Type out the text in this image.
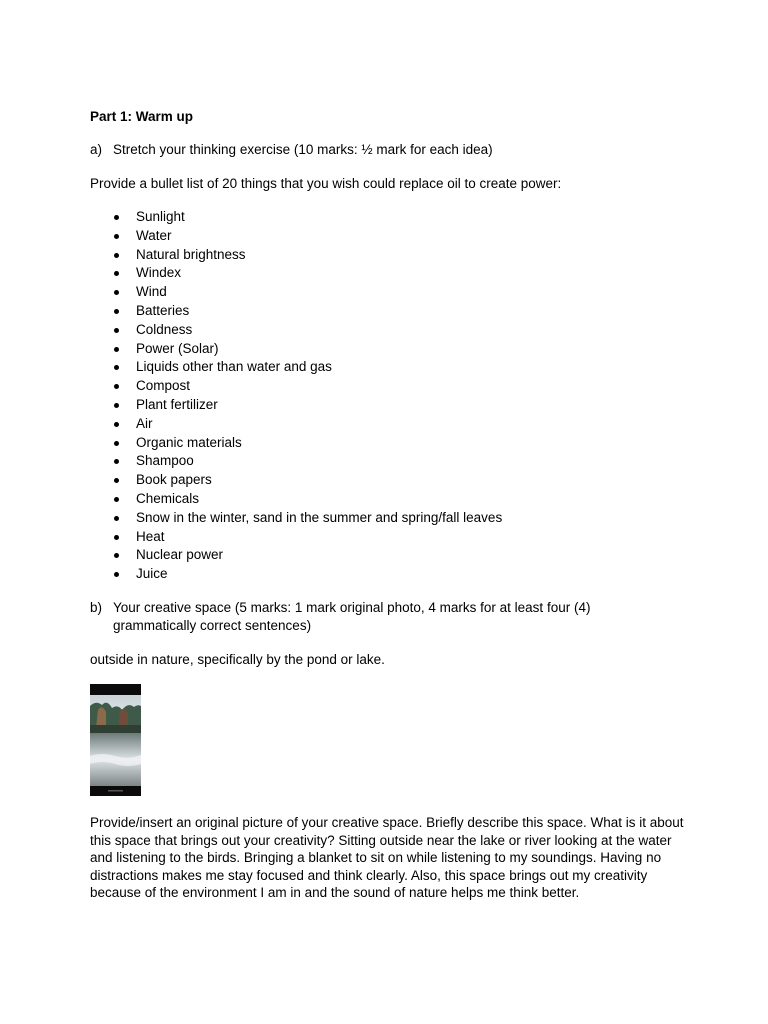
Part 1: Warm up
a) Stretch your thinking exercise (10 marks: ½ mark for each idea)
Provide a bullet list of 20 things that you wish could replace oil to create power:
Sunlight
Water
Natural brightness
Windex
Wind
Batteries
Coldness
Power (Solar)
Liquids other than water and gas
Compost
Plant fertilizer
Air
Organic materials
Shampoo
Book papers
Chemicals
Snow in the winter, sand in the summer and spring/fall leaves
Heat
Nuclear power
Juice
b) Your creative space (5 marks: 1 mark original photo, 4 marks for at least four (4)
grammatically correct sentences)
outside in nature, specifically by the pond or lake.
Provide/insert an original picture of your creative space. Briefly describe this space. What is it about this space that brings out your creativity? Sitting outside near the lake or river looking at the water and listening to the birds. Bringing a blanket to sit on while listening to my soundings. Having no distractions makes me stay focused and think clearly. Also, this space brings out my creativity because of the environment I am in and the sound of nature helps me think better.
